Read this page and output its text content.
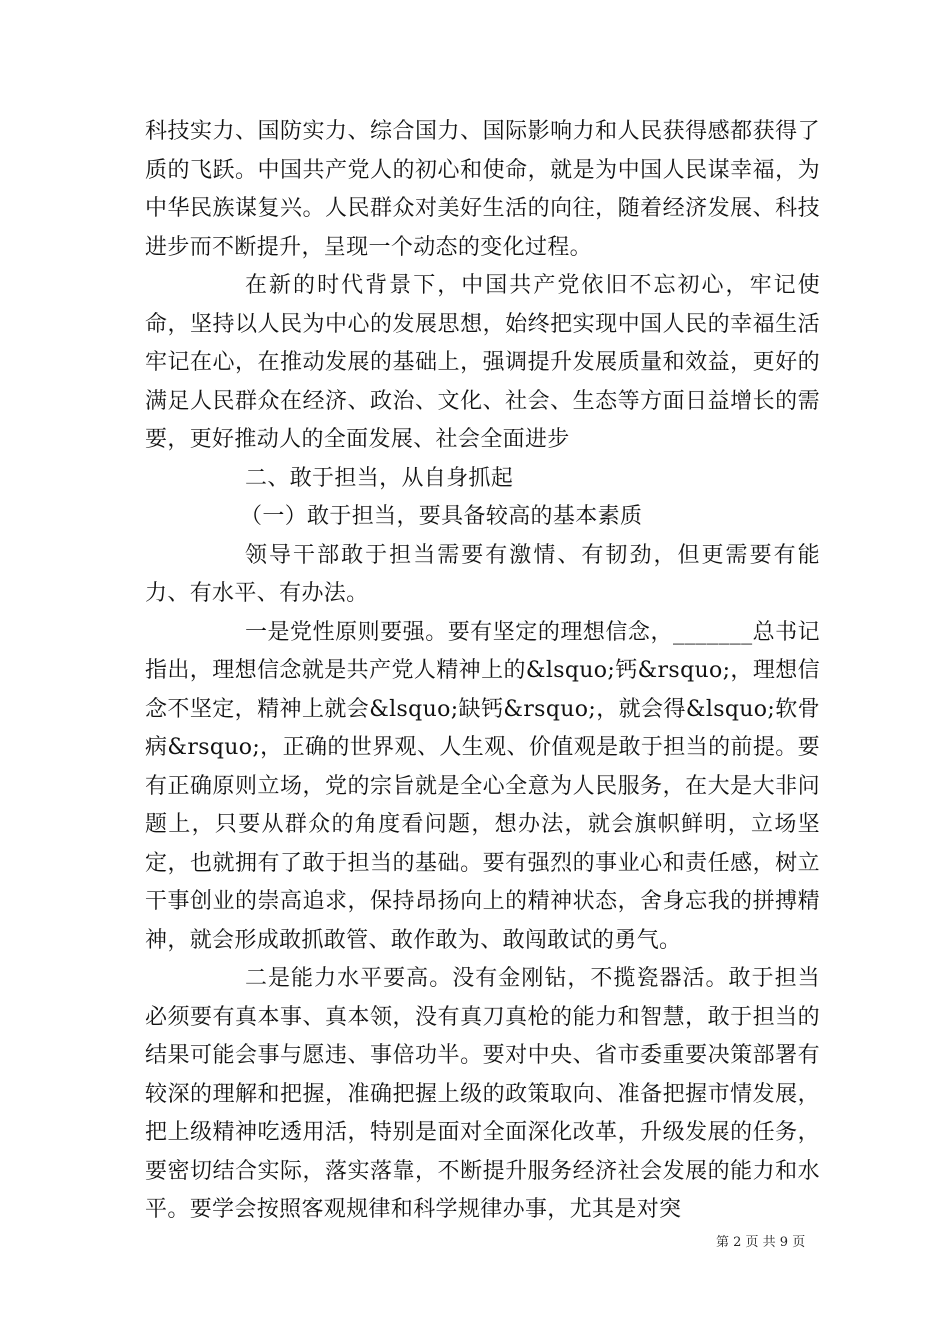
科技实力、国防实力、综合国力、国际影响力和人民获得感都获得了质的飞跃。中国共产党人的初心和使命，就是为中国人民谋幸福，为中华民族谋复兴。人民群众对美好生活的向往，随着经济发展、科技进步而不断提升，呈现一个动态的变化过程。

在新的时代背景下，中国共产党依旧不忘初心，牢记使命，坚持以人民为中心的发展思想，始终把实现中国人民的幸福生活牢记在心，在推动发展的基础上，强调提升发展质量和效益，更好的满足人民群众在经济、政治、文化、社会、生态等方面日益增长的需要，更好推动人的全面发展、社会全面进步

二、敢于担当，从自身抓起

（一）敢于担当，要具备较高的基本素质

领导干部敢于担当需要有激情、有韧劲，但更需要有能力、有水平、有办法。

一是党性原则要强。要有坚定的理想信念，_______总书记指出，理想信念就是共产党人精神上的&lsquo;钙&rsquo;，理想信念不坚定，精神上就会&lsquo;缺钙&rsquo;，就会得&lsquo;软骨病&rsquo;，正确的世界观、人生观、价值观是敢于担当的前提。要有正确原则立场，党的宗旨就是全心全意为人民服务，在大是大非问题上，只要从群众的角度看问题，想办法，就会旗帜鲜明，立场坚定，也就拥有了敢于担当的基础。要有强烈的事业心和责任感，树立干事创业的崇高追求，保持昂扬向上的精神状态，舍身忘我的拼搏精神，就会形成敢抓敢管、敢作敢为、敢闯敢试的勇气。

二是能力水平要高。没有金刚钻，不揽瓷器活。敢于担当必须要有真本事、真本领，没有真刀真枪的能力和智慧，敢于担当的结果可能会事与愿违、事倍功半。要对中央、省市委重要决策部署有较深的理解和把握，准确把握上级的政策取向、准备把握市情发展，把上级精神吃透用活，特别是面对全面深化改革，升级发展的任务，要密切结合实际，落实落靠，不断提升服务经济社会发展的能力和水平。要学会按照客观规律和科学规律办事，尤其是对突

第 2 页 共 9 页
